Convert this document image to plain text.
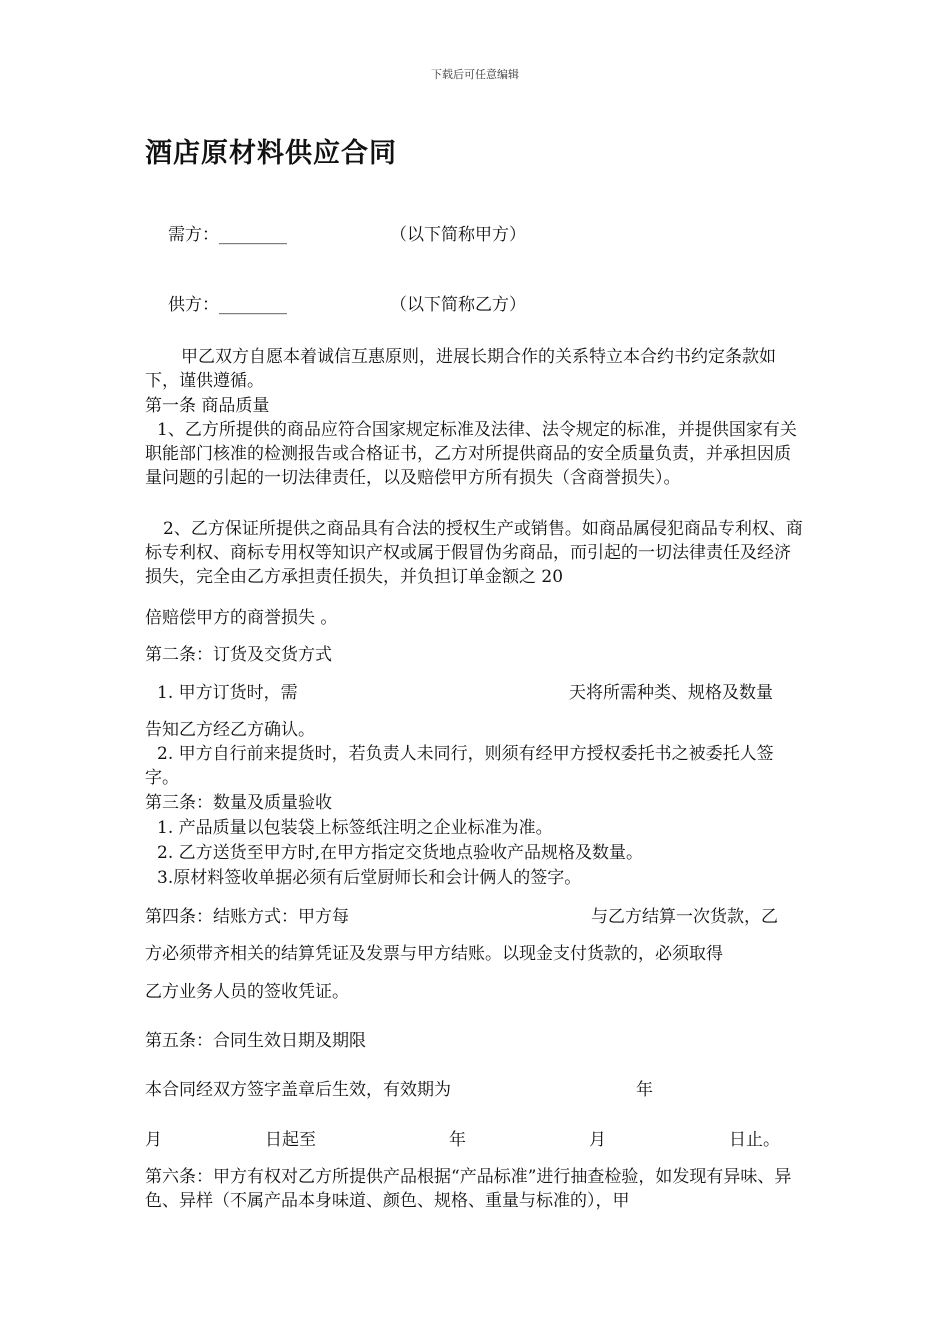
下载后可任意编辑
酒店原材料供应合同
需方：________	（以下简称甲方）
供方：________	（以下简称乙方）
甲乙双方自愿本着诚信互惠原则，进展长期合作的关系特立本合约书约定条款如下，谨供遵循。
第一条 商品质量
1、乙方所提供的商品应符合国家规定标准及法律、法令规定的标准，并提供国家有关职能部门核准的检测报告或合格证书，乙方对所提供商品的安全质量负责，并承担因质量问题的引起的一切法律责任，以及赔偿甲方所有损失（含商誉损失）。
2、乙方保证所提供之商品具有合法的授权生产或销售。如商品属侵犯商品专利权、商标专利权、商标专用权等知识产权或属于假冒伪劣商品，而引起的一切法律责任及经济损失，完全由乙方承担责任损失，并负担订单金额之 20
倍赔偿甲方的商誉损失 。
第二条：订货及交货方式
1. 甲方订货时，需	天将所需种类、规格及数量
告知乙方经乙方确认。
2. 甲方自行前来提货时，若负责人未同行，则须有经甲方授权委托书之被委托人签字。
第三条：数量及质量验收
1. 产品质量以包装袋上标签纸注明之企业标准为准。
2. 乙方送货至甲方时,在甲方指定交货地点验收产品规格及数量。
3.原材料签收单据必须有后堂厨师长和会计俩人的签字。
第四条：结账方式：甲方每	与乙方结算一次货款，乙
方必须带齐相关的结算凭证及发票与甲方结账。以现金支付货款的，必须取得
乙方业务人员的签收凭证。
第五条：合同生效日期及期限
本合同经双方签字盖章后生效，有效期为	年
月	日起至	年	月	日止。
第六条：甲方有权对乙方所提供产品根据“产品标准”进行抽查检验，如发现有异味、异色、异样（不属产品本身味道、颜色、规格、重量与标准的），甲
